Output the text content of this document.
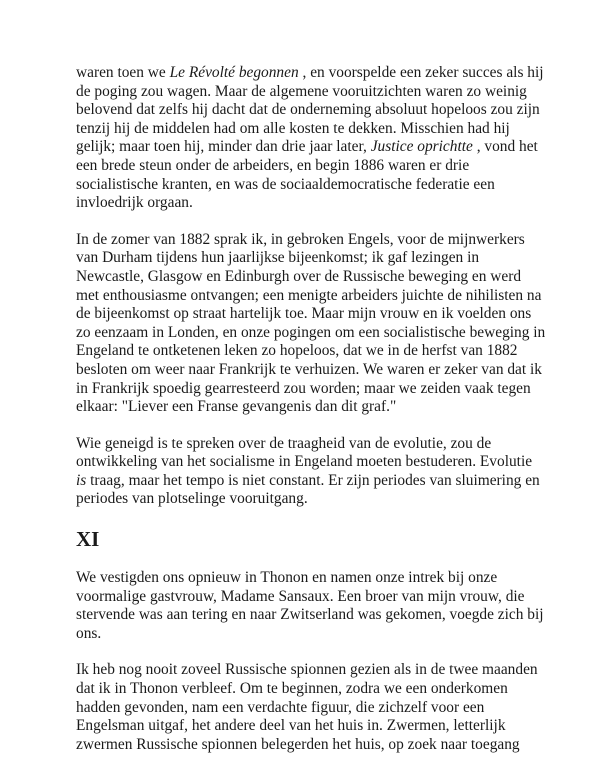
waren toen we Le Révolté begonnen , en voorspelde een zeker succes als hij de poging zou wagen. Maar de algemene vooruitzichten waren zo weinig belovend dat zelfs hij dacht dat de onderneming absoluut hopeloos zou zijn tenzij hij de middelen had om alle kosten te dekken. Misschien had hij gelijk; maar toen hij, minder dan drie jaar later, Justice oprichtte , vond het een brede steun onder de arbeiders, en begin 1886 waren er drie socialistische kranten, en was de sociaaldemocratische federatie een invloedrijk orgaan.

In de zomer van 1882 sprak ik, in gebroken Engels, voor de mijnwerkers van Durham tijdens hun jaarlijkse bijeenkomst; ik gaf lezingen in Newcastle, Glasgow en Edinburgh over de Russische beweging en werd met enthousiasme ontvangen; een menigte arbeiders juichte de nihilisten na de bijeenkomst op straat hartelijk toe. Maar mijn vrouw en ik voelden ons zo eenzaam in Londen, en onze pogingen om een socialistische beweging in Engeland te ontketenen leken zo hopeloos, dat we in de herfst van 1882 besloten om weer naar Frankrijk te verhuizen. We waren er zeker van dat ik in Frankrijk spoedig gearresteerd zou worden; maar we zeiden vaak tegen elkaar: "Liever een Franse gevangenis dan dit graf."

Wie geneigd is te spreken over de traagheid van de evolutie, zou de ontwikkeling van het socialisme in Engeland moeten bestuderen. Evolutie is traag, maar het tempo is niet constant. Er zijn periodes van sluimering en periodes van plotselinge vooruitgang.

XI

We vestigden ons opnieuw in Thonon en namen onze intrek bij onze voormalige gastvrouw, Madame Sansaux. Een broer van mijn vrouw, die stervende was aan tering en naar Zwitserland was gekomen, voegde zich bij ons.

Ik heb nog nooit zoveel Russische spionnen gezien als in de twee maanden dat ik in Thonon verbleef. Om te beginnen, zodra we een onderkomen hadden gevonden, nam een verdachte figuur, die zichzelf voor een Engelsman uitgaf, het andere deel van het huis in. Zwermen, letterlijk zwermen Russische spionnen belegerden het huis, op zoek naar toegang
